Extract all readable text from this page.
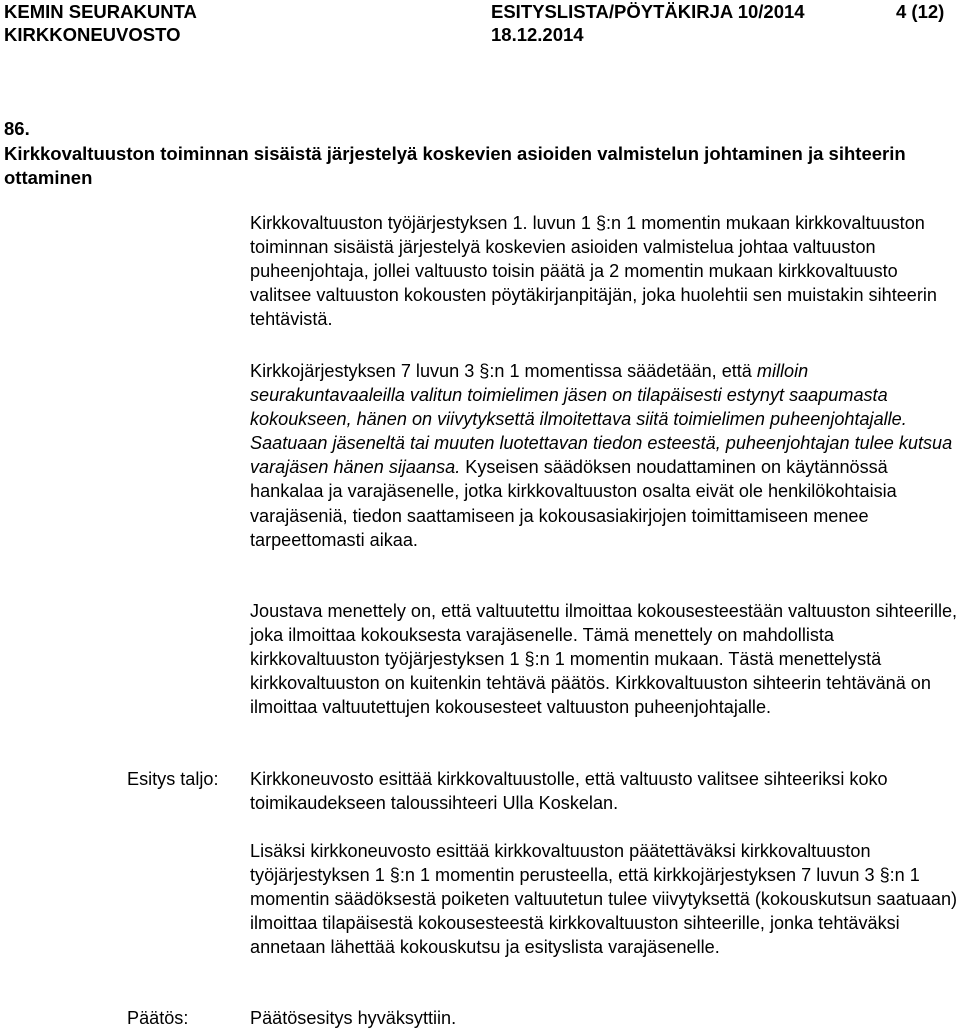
KEMIN SEURAKUNTA	ESITYSLISTA/PÖYTÄKIRJA 10/2014	4 (12)
KIRKKONEUVOSTO	18.12.2014
86.
Kirkkovaltuuston toiminnan sisäistä järjestelyä koskevien asioiden valmistelun johtaminen ja sihteerin ottaminen

Kirkkovaltuuston työjärjestyksen 1. luvun 1 §:n 1 momentin mukaan kirkkovaltuuston toiminnan sisäistä järjestelyä koskevien asioiden valmistelua johtaa valtuuston puheenjohtaja, jollei valtuusto toisin päätä ja 2 momentin mukaan kirkkovaltuusto valitsee valtuuston kokousten pöytäkirjanpitäjän, joka huolehtii sen muistakin sihteerin tehtävistä.

Kirkkojärjestyksen 7 luvun 3 §:n 1 momentissa säädetään, että milloin seurakuntavaaleilla valitun toimielimen jäsen on tilapäisesti estynyt saapumasta kokoukseen, hänen on viivytyksettä ilmoitettava siitä toimielimen puheenjohtajalle. Saatuaan jäseneltä tai muuten luotettavan tiedon esteestä, puheenjohtajan tulee kutsua varajäsen hänen sijaansa. Kyseisen säädöksen noudattaminen on käytännössä hankalaa ja varajäsenelle, jotka kirkkovaltuuston osalta eivät ole henkilökohtaisia varajäseniä, tiedon saattamiseen ja kokousasiakirjojen toimittamiseen menee tarpeettomasti aikaa.

Joustava menettely on, että valtuutettu ilmoittaa kokousesteestään valtuuston sihteerille, joka ilmoittaa kokouksesta varajäsenelle. Tämä menettely on mahdollista kirkkovaltuuston työjärjestyksen 1 §:n 1 momentin mukaan. Tästä menettelystä kirkkovaltuuston on kuitenkin tehtävä päätös. Kirkkovaltuuston sihteerin tehtävänä on ilmoittaa valtuutettujen kokousesteet valtuuston puheenjohtajalle.

Esitys taljo: Kirkkoneuvosto esittää kirkkovaltuustolle, että valtuusto valitsee sihteeriksi koko toimikaudekseen taloussihteeri Ulla Koskelan.

Lisäksi kirkkoneuvosto esittää kirkkovaltuuston päätettäväksi kirkkovaltuuston työjärjestyksen 1 §:n 1 momentin perusteella, että kirkkojärjestyksen 7 luvun 3 §:n 1 momentin säädöksestä poiketen valtuutetun tulee viivytyksettä (kokouskutsun saatuaan) ilmoittaa tilapäisestä kokousesteestä kirkkovaltuuston sihteerille, jonka tehtäväksi annetaan lähettää kokouskutsu ja esityslista varajäsenelle.

Päätös:	Päätösesitys hyväksyttiin.
